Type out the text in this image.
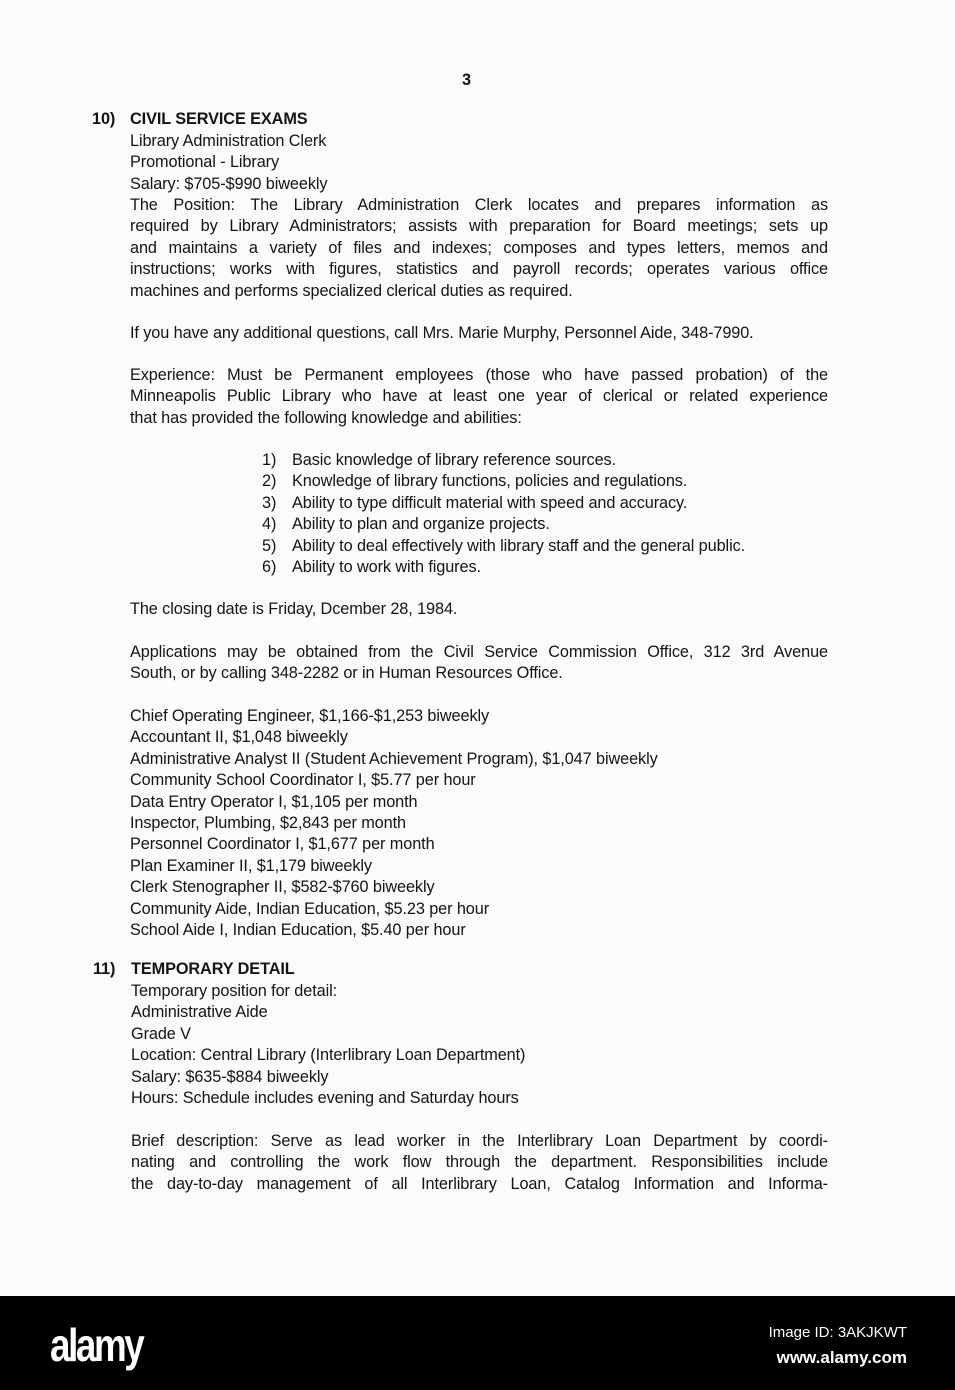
3
10) CIVIL SERVICE EXAMS
Library Administration Clerk
Promotional - Library
Salary: $705-$990 biweekly
The Position: The Library Administration Clerk locates and prepares information as
required by Library Administrators; assists with preparation for Board meetings; sets up
and maintains a variety of files and indexes; composes and types letters, memos and
instructions; works with figures, statistics and payroll records; operates various office
machines and performs specialized clerical duties as required.
If you have any additional questions, call Mrs. Marie Murphy, Personnel Aide, 348-7990.
Experience: Must be Permanent employees (those who have passed probation) of the
Minneapolis Public Library who have at least one year of clerical or related experience
that has provided the following knowledge and abilities:
1) Basic knowledge of library reference sources.
2) Knowledge of library functions, policies and regulations.
3) Ability to type difficult material with speed and accuracy.
4) Ability to plan and organize projects.
5) Ability to deal effectively with library staff and the general public.
6) Ability to work with figures.
The closing date is Friday, Dcember 28, 1984.
Applications may be obtained from the Civil Service Commission Office, 312 3rd Avenue
South, or by calling 348-2282 or in Human Resources Office.
Chief Operating Engineer, $1,166-$1,253 biweekly
Accountant II, $1,048 biweekly
Administrative Analyst II (Student Achievement Program), $1,047 biweekly
Community School Coordinator I, $5.77 per hour
Data Entry Operator I, $1,105 per month
Inspector, Plumbing, $2,843 per month
Personnel Coordinator I, $1,677 per month
Plan Examiner II, $1,179 biweekly
Clerk Stenographer II, $582-$760 biweekly
Community Aide, Indian Education, $5.23 per hour
School Aide I, Indian Education, $5.40 per hour
11) TEMPORARY DETAIL
Temporary position for detail:
Administrative Aide
Grade V
Location: Central Library (Interlibrary Loan Department)
Salary: $635-$884 biweekly
Hours: Schedule includes evening and Saturday hours
Brief description: Serve as lead worker in the Interlibrary Loan Department by coordi-
nating and controlling the work flow through the department. Responsibilities include
the day-to-day management of all Interlibrary Loan, Catalog Information and Informa-
alamy	Image ID: 3AKJKWT
www.alamy.com
